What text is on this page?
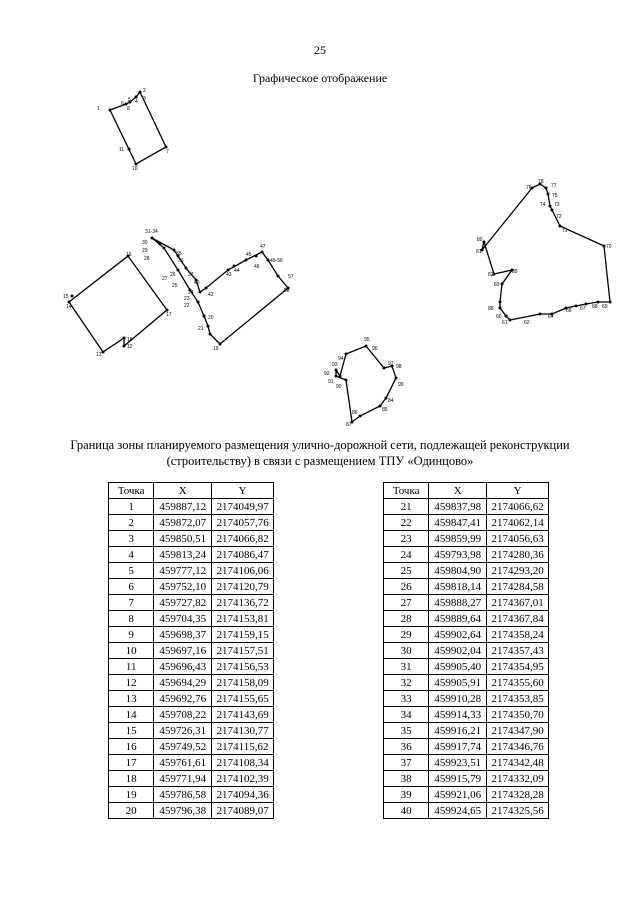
25
Графическое отображение
2
3
4
5
6
7
8
10
11
1
13
12
18
17
16
15
14
31-34
30
29
28
35
36
27
26
25
37
40
42
43
44
45
46
47
49-56
57
58
20
21
22
23
24
19
80
81
82
83
88
89
78
77
76
75
74 73
72
71
70
69
68
67
66
64
62
61
60
95
96
94
97
93	98
92
91	99
90
84
85
86
87
Граница зоны планируемого размещения улично-дорожной сети, подлежащей реконструкции (строительству) в связи с размещением ТПУ «Одинцово»
Точка	X	Y
1	459887,12	2174049,97
2	459872,07	2174057,76
3	459850,51	2174066,82
4	459813,24	2174086,47
5	459777,12	2174106,06
6	459752,10	2174120,79
7	459727,82	2174136,72
8	459704,35	2174153,81
9	459698,37	2174159,15
10	459697,16	2174157,51
11	459696,43	2174156,53
12	459694,29	2174158,09
13	459692,76	2174155,65
14	459708,22	2174143,69
15	459726,31	2174130,77
16	459749,52	2174115,62
17	459761,61	2174108,34
18	459771,94	2174102,39
19	459786,58	2174094,36
20	459796,38	2174089,07
Точка	X	Y
21	459837,98	2174066,62
22	459847,41	2174062,14
23	459859,99	2174056,63
24	459793,98	2174280,36
25	459804,90	2174293,20
26	459818,14	2174284,58
27	459888,27	2174367,01
28	459889,64	2174367,84
29	459902,64	2174358,24
30	459902,04	2174357,43
31	459905,40	2174354,95
32	459905,91	2174355,60
33	459910,28	2174353,85
34	459914,33	2174350,70
35	459916,21	2174347,90
36	459917,74	2174346,76
37	459923,51	2174342,48
38	459915,79	2174332,09
39	459921,06	2174328,28
40	459924,65	2174325,56
